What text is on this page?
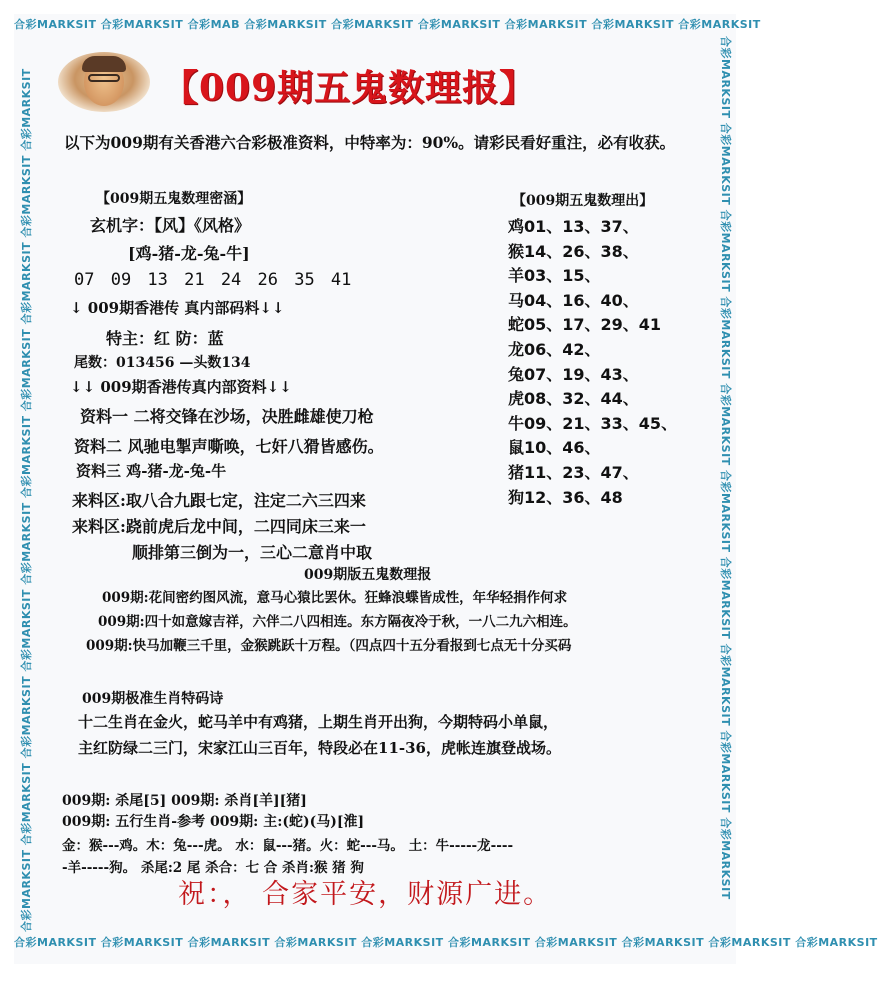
合彩MARKSIT 合彩MARKSIT 合彩MAB 合彩MARKSIT 合彩MARKSIT 合彩MARKSIT 合彩MARKSIT 合彩MARKSIT 合彩MARKSIT
合彩MARKSIT 合彩MARKSIT 合彩MARKSIT 合彩MARKSIT 合彩MARKSIT 合彩MARKSIT 合彩MARKSIT 合彩MARKSIT 合彩MARKSIT 合彩MARKSIT
合彩MARKSIT 合彩MARKSIT 合彩MARKSIT 合彩MARKSIT 合彩MARKSIT 合彩MARKSIT 合彩MARKSIT 合彩MARKSIT 合彩MARKSIT 合彩MARKSIT	合彩MARKSIT 合彩MARKSIT 合彩MARKSIT 合彩MARKSIT 合彩MARKSIT 合彩MARKSIT 合彩MARKSIT 合彩MARKSIT 合彩MARKSIT 合彩MARKSIT
【009期五鬼数理报】
以下为009期有关香港六合彩极准资料，中特率为：90%。请彩民看好重注，必有收获。
【009期五鬼数理密涵】
玄机字：【风】《风格》
[鸡-猪-龙-兔-牛]
07 09 13 21 24 26 35 41
↓ 009期香港传 真内部码料↓↓
特主：红 防：蓝
尾数：013456 —头数134
↓↓ 009期香港传真内部资料↓↓
资料一 二将交锋在沙场，决胜雌雄使刀枪
资料二 风驰电掣声嘶唤，七奸八猾皆感伤。
资料三 鸡-猪-龙-兔-牛
来料区:取八合九跟七定，注定二六三四来
来料区:跷前虎后龙中间，二四同床三来一
顺排第三倒为一，三心二意肖中取
【009期五鬼数理出】
鸡01、13、37、
猴14、26、38、
羊03、15、
马04、16、40、
蛇05、17、29、41
龙06、42、
兔07、19、43、
虎08、32、44、
牛09、21、33、45、
鼠10、46、
猪11、23、47、
狗12、36、48
009期版五鬼数理报
009期:花间密约图风流，意马心猿比罢休。狂蜂浪蝶皆成性，年华轻捐作何求
009期:四十如意嫁吉祥，六伴二八四相连。东方隔夜冷于秋，一八二九六相连。
009期:快马加鞭三千里，金猴跳跃十万程。（四点四十五分看报到七点无十分买码
009期极准生肖特码诗
十二生肖在金火，蛇马羊中有鸡猪，上期生肖开出狗，今期特码小单鼠，
主红防绿二三门，宋家江山三百年，特段必在11-36，虎帐连旗登战场。
009期: 杀尾[5] 009期: 杀肖[羊][猪]
009期: 五行生肖-参考 009期: 主:(蛇)(马)[淮]
金：猴---鸡。木：兔---虎。 水：鼠---猪。火：蛇---马。 土：牛-----龙----
-羊-----狗。 杀尾:2 尾 杀合：七 合 杀肖:猴 猪 狗
祝：， 合家平安，财源广进。
